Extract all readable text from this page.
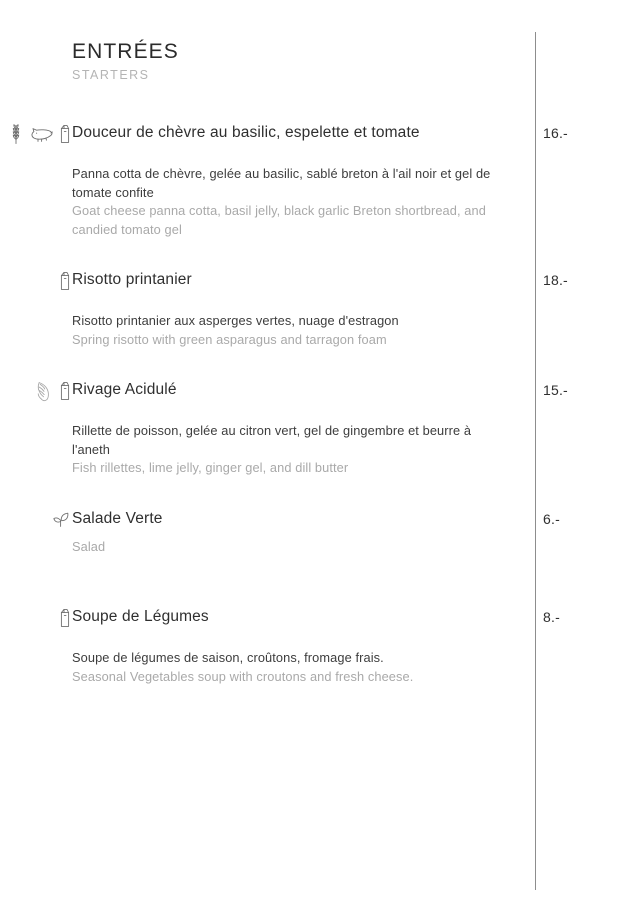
ENTRÉES
STARTERS
Douceur de chèvre au basilic, espelette et tomate	16.-
Panna cotta de chèvre, gelée au basilic, sablé breton à l'ail noir et gel de tomate confite
Goat cheese panna cotta, basil jelly, black garlic Breton shortbread, and candied tomato gel
Risotto printanier	18.-
Risotto printanier aux asperges vertes, nuage d'estragon
Spring risotto with green asparagus and tarragon foam
Rivage Acidulé	15.-
Rillette de poisson, gelée au citron vert, gel de gingembre et beurre à l'aneth
Fish rillettes, lime jelly, ginger gel, and dill butter
Salade Verte	6.-
Salad
Soupe de Légumes	8.-
Soupe de légumes de saison, croûtons, fromage frais.
Seasonal Vegetables soup with croutons and fresh cheese.
